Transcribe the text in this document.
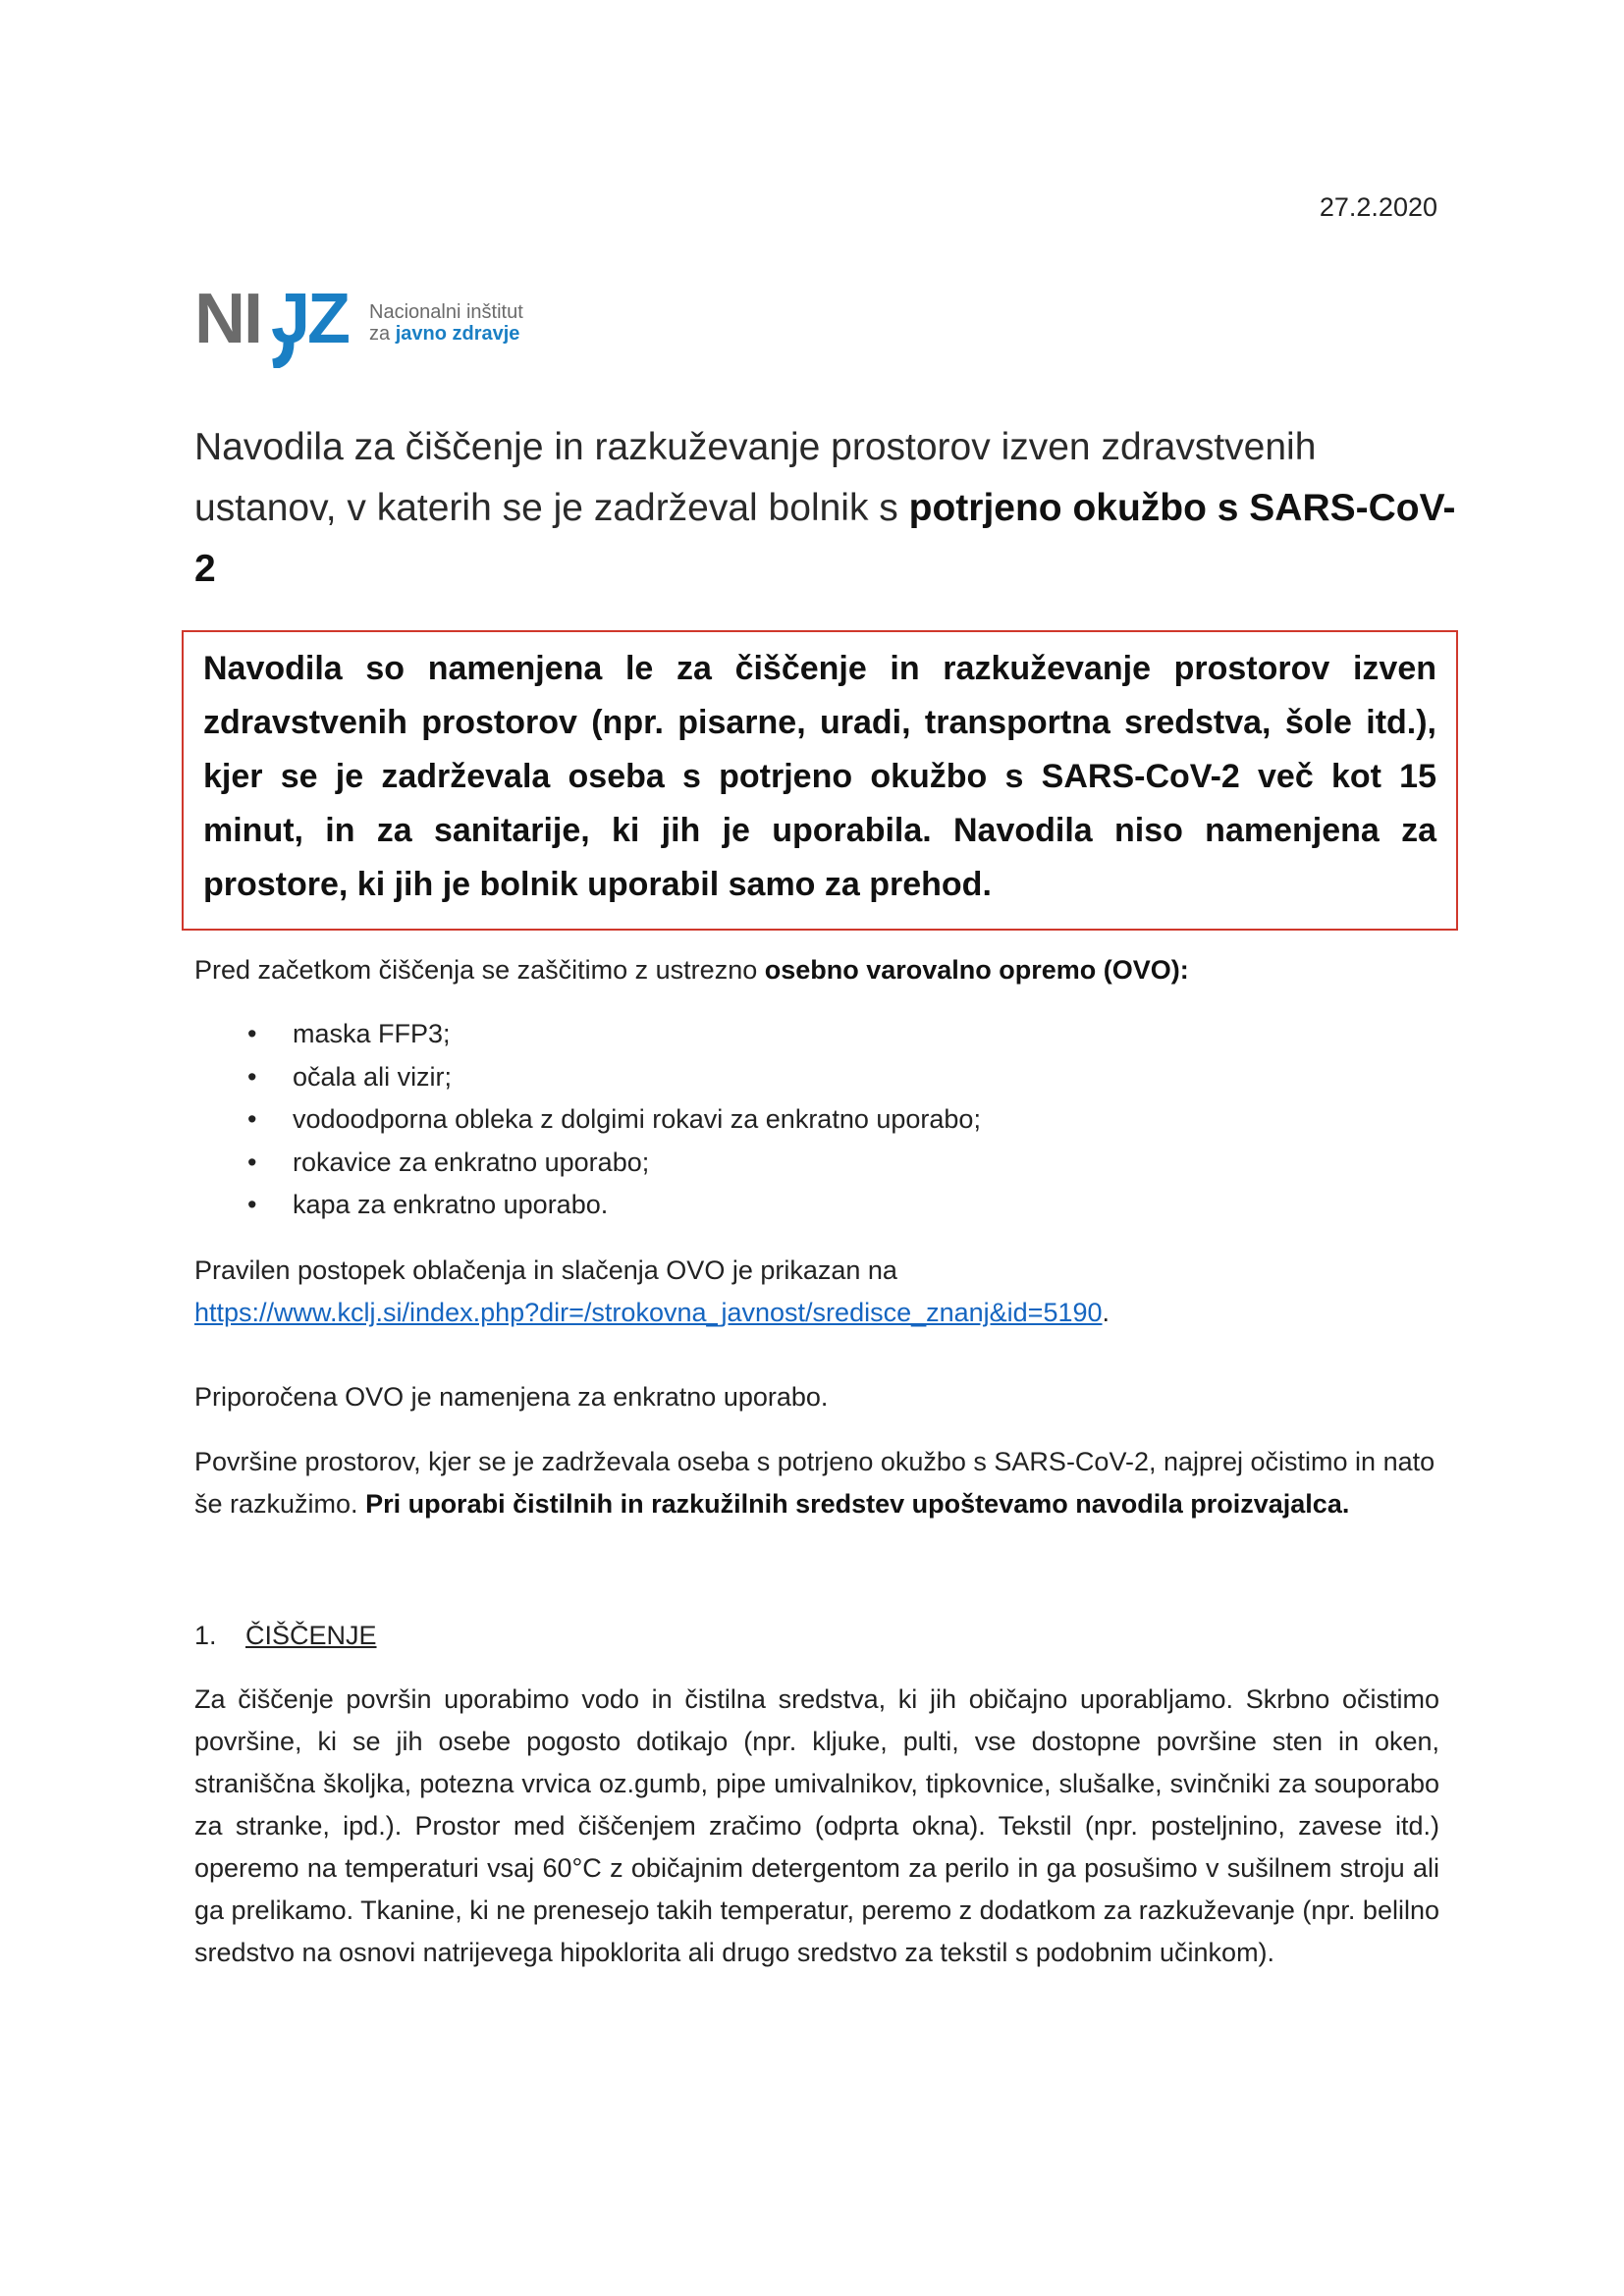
27.2.2020
NI JZ Nacionalni inštitut
za javno zdravje
Navodila za čiščenje in razkuževanje prostorov izven zdravstvenih ustanov, v katerih se je zadrževal bolnik s potrjeno okužbo s SARS-CoV-2

Navodila so namenjena le za čiščenje in razkuževanje prostorov izven zdravstvenih prostorov (npr. pisarne, uradi, transportna sredstva, šole itd.), kjer se je zadrževala oseba s potrjeno okužbo s SARS-CoV-2 več kot 15 minut, in za sanitarije, ki jih je uporabila. Navodila niso namenjena za prostore, ki jih je bolnik uporabil samo za prehod.

Pred začetkom čiščenja se zaščitimo z ustrezno osebno varovalno opremo (OVO):

•	maska FFP3;
•	očala ali vizir;
•	vodoodporna obleka z dolgimi rokavi za enkratno uporabo;
•	rokavice za enkratno uporabo;
•	kapa za enkratno uporabo.

Pravilen postopek oblačenja in slačenja OVO je prikazan na
https://www.kclj.si/index.php?dir=/strokovna_javnost/sredisce_znanj&id=5190.

Priporočena OVO je namenjena za enkratno uporabo.

Površine prostorov, kjer se je zadrževala oseba s potrjeno okužbo s SARS-CoV-2, najprej očistimo in nato še razkužimo. Pri uporabi čistilnih in razkužilnih sredstev upoštevamo navodila proizvajalca.

1. ČIŠČENJE

Za čiščenje površin uporabimo vodo in čistilna sredstva, ki jih običajno uporabljamo. Skrbno očistimo površine, ki se jih osebe pogosto dotikajo (npr. kljuke, pulti, vse dostopne površine sten in oken, straniščna školjka, potezna vrvica oz.gumb, pipe umivalnikov, tipkovnice, slušalke, svinčniki za souporabo za stranke, ipd.). Prostor med čiščenjem zračimo (odprta okna). Tekstil (npr. posteljnino, zavese itd.) operemo na temperaturi vsaj 60°C z običajnim detergentom za perilo in ga posušimo v sušilnem stroju ali ga prelikamo. Tkanine, ki ne prenesejo takih temperatur, peremo z dodatkom za razkuževanje (npr. belilno sredstvo na osnovi natrijevega hipoklorita ali drugo sredstvo za tekstil s podobnim učinkom).
